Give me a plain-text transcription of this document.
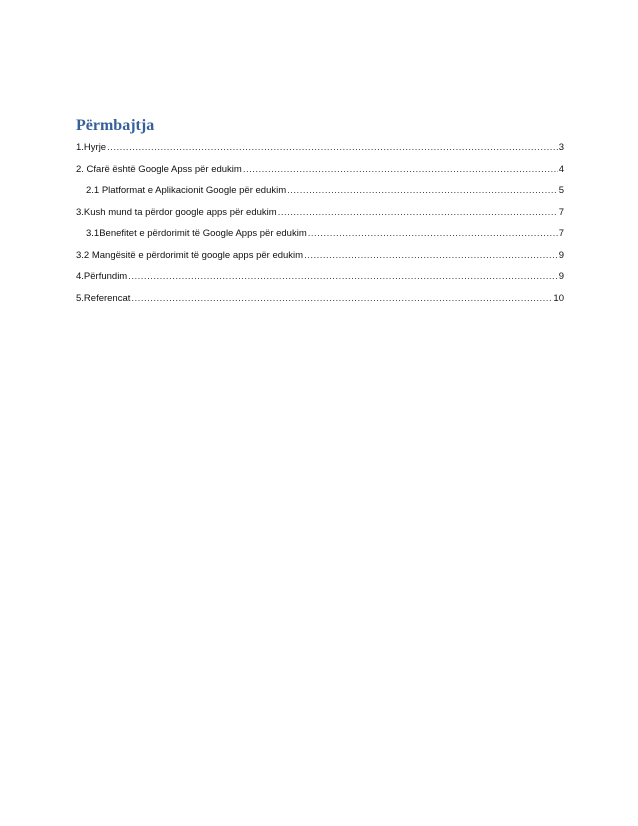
Përmbajtja
1.Hyrje .....	3
2. Cfarë është Google Apss për edukim .....	4
2.1 Platformat e Aplikacionit Google për edukim .....	5
3.Kush mund ta përdor google apps për edukim .....	7
3.1Benefitet e përdorimit të Google Apps për edukim .....	7
3.2 Mangësitë e përdorimit të google apps për edukim .....	9
4.Përfundim .....	9
5.Referencat .....	10
